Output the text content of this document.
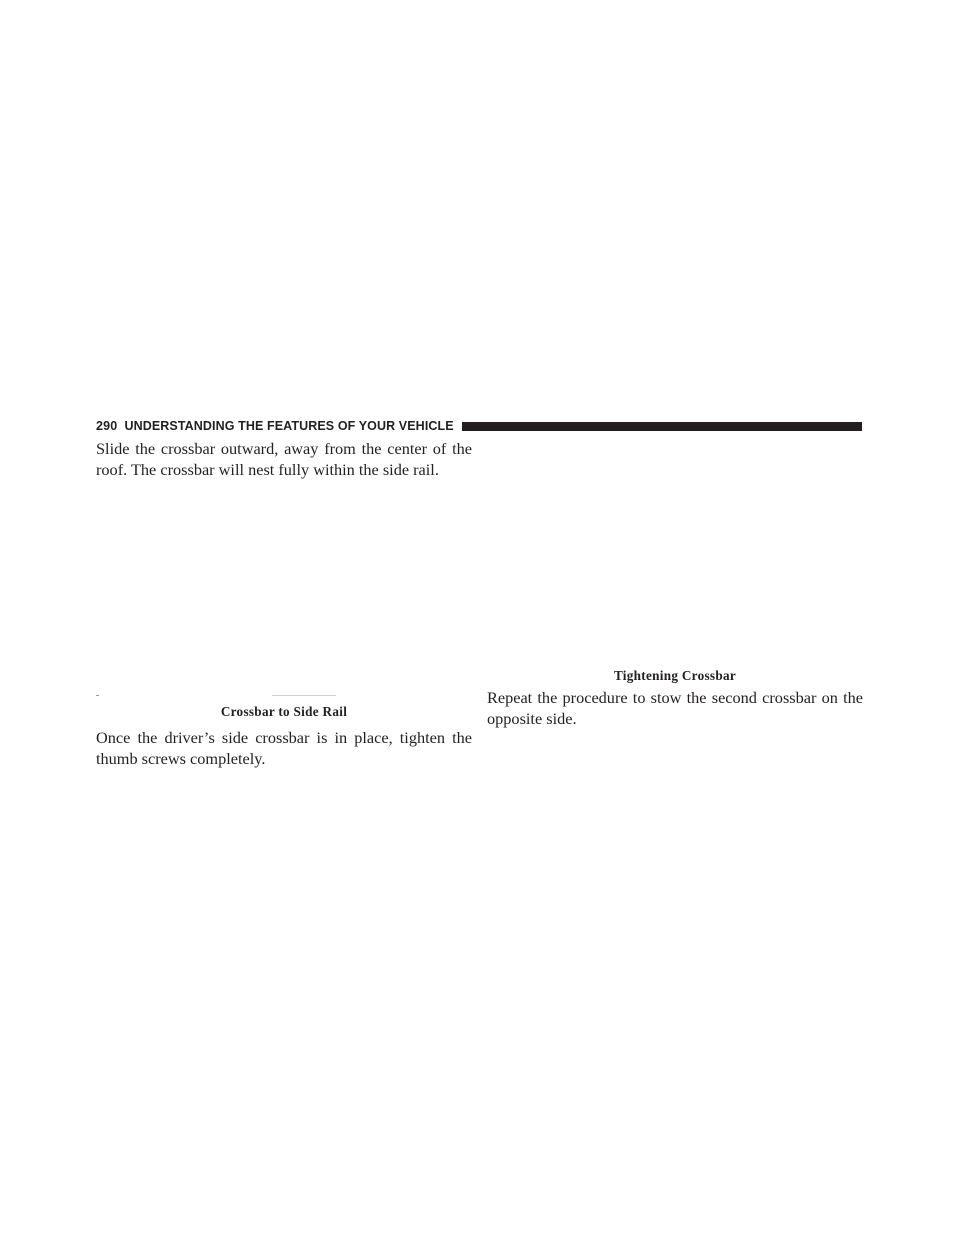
290 UNDERSTANDING THE FEATURES OF YOUR VEHICLE

Slide the crossbar outward, away from the center of the roof. The crossbar will nest fully within the side rail.

Crossbar to Side Rail

Once the driver’s side crossbar is in place, tighten the thumb screws completely.

Tightening Crossbar

Repeat the procedure to stow the second crossbar on the opposite side.
